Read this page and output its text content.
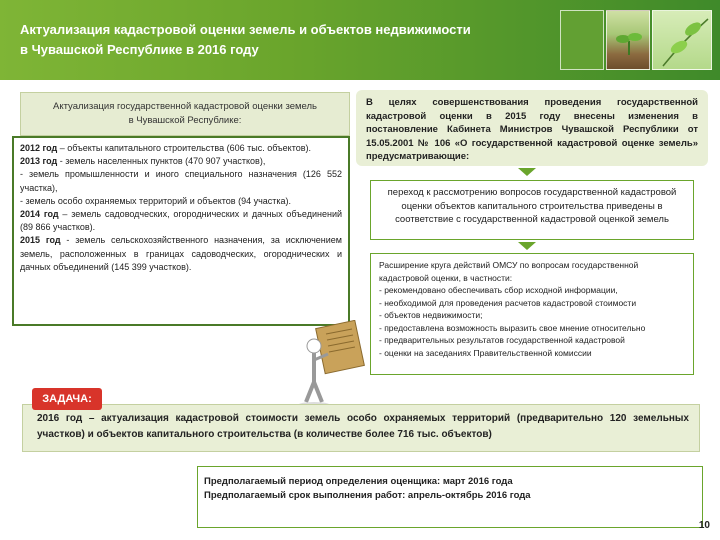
Актуализация кадастровой оценки земель и объектов недвижимости
в Чувашской Республике в 2016 году
Актуализация государственной кадастровой оценки земель в Чувашской Республике:
2012 год – объекты капитального строительства (606 тыс. объектов).
2013 год - земель населенных пунктов (470 907 участков),
- земель промышленности и иного специального назначения (126 552 участка),
- земель особо охраняемых территорий и объектов (94 участка).
2014 год – земель садоводческих, огороднических и дачных объединений (89 866 участков).
2015 год - земель сельскохозяйственного назначения, за исключением земель, расположенных в границах садоводческих, огороднических и дачных объединений (145 399 участков).
В целях совершенствования проведения государственной кадастровой оценки в 2015 году внесены изменения в постановление Кабинета Министров Чувашской Республики от 15.05.2001 № 106 «О государственной кадастровой оценке земель» предусматривающие:
переход к рассмотрению вопросов государственной кадастровой оценки объектов капитального строительства приведены в соответствие с государственной кадастровой оценкой земель
Расширение круга действий ОМСУ по вопросам государственной кадастровой оценки, в частности:
- рекомендовано обеспечивать сбор исходной информации,
- необходимой для проведения расчетов кадастровой стоимости
- объектов недвижимости;
- предоставлена возможность выразить свое мнение относительно
- предварительных результатов государственной кадастровой
- оценки на заседаниях Правительственной комиссии
2016 год – актуализация кадастровой стоимости земель особо охраняемых территорий (предварительно 120 земельных участков) и объектов капитального строительства (в количестве более 716 тыс. объектов)
ЗАДАЧА:
Предполагаемый период определения оценщика: март 2016 года
Предполагаемый срок выполнения работ: апрель-октябрь 2016 года
10
